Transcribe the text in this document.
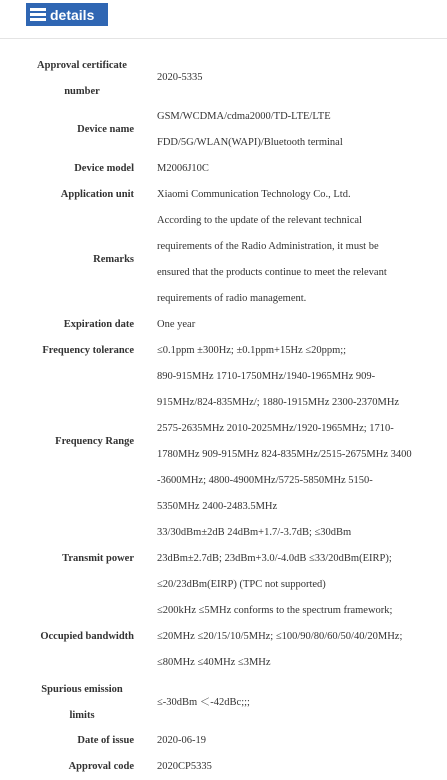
details
Approval certificate number
2020-5335
Device name
GSM/WCDMA/cdma2000/TD-LTE/LTE
FDD/5G/WLAN(WAPI)/Bluetooth terminal
Device model M2006J10C
Application unit Xiaomi Communication Technology Co., Ltd.
Remarks
According to the update of the relevant technical
requirements of the Radio Administration, it must be
ensured that the products continue to meet the relevant
requirements of radio management.
Expiration date One year
Frequency tolerance ≤0.1ppm ±300Hz; ±0.1ppm+15Hz ≤20ppm;;
Frequency Range
890-915MHz 1710-1750MHz/1940-1965MHz 909-
915MHz/824-835MHz/; 1880-1915MHz 2300-2370MHz
2575-2635MHz 2010-2025MHz/1920-1965MHz; 1710-
1780MHz 909-915MHz 824-835MHz/2515-2675MHz 3400
-3600MHz; 4800-4900MHz/5725-5850MHz 5150-
5350MHz 2400-2483.5MHz
Transmit power
33/30dBm±2dB 24dBm+1.7/-3.7dB; ≤30dBm
23dBm±2.7dB; 23dBm+3.0/-4.0dB ≤33/20dBm(EIRP);
≤20/23dBm(EIRP) (TPC not supported)
Occupied bandwidth
≤200kHz ≤5MHz conforms to the spectrum framework;
≤20MHz ≤20/15/10/5MHz; ≤100/90/80/60/50/40/20MHz;
≤80MHz ≤40MHz ≤3MHz
Spurious emission limits
≤-30dBm ＜-42dBc;;;
Date of issue 2020-06-19
Approval code 2020CP5335
